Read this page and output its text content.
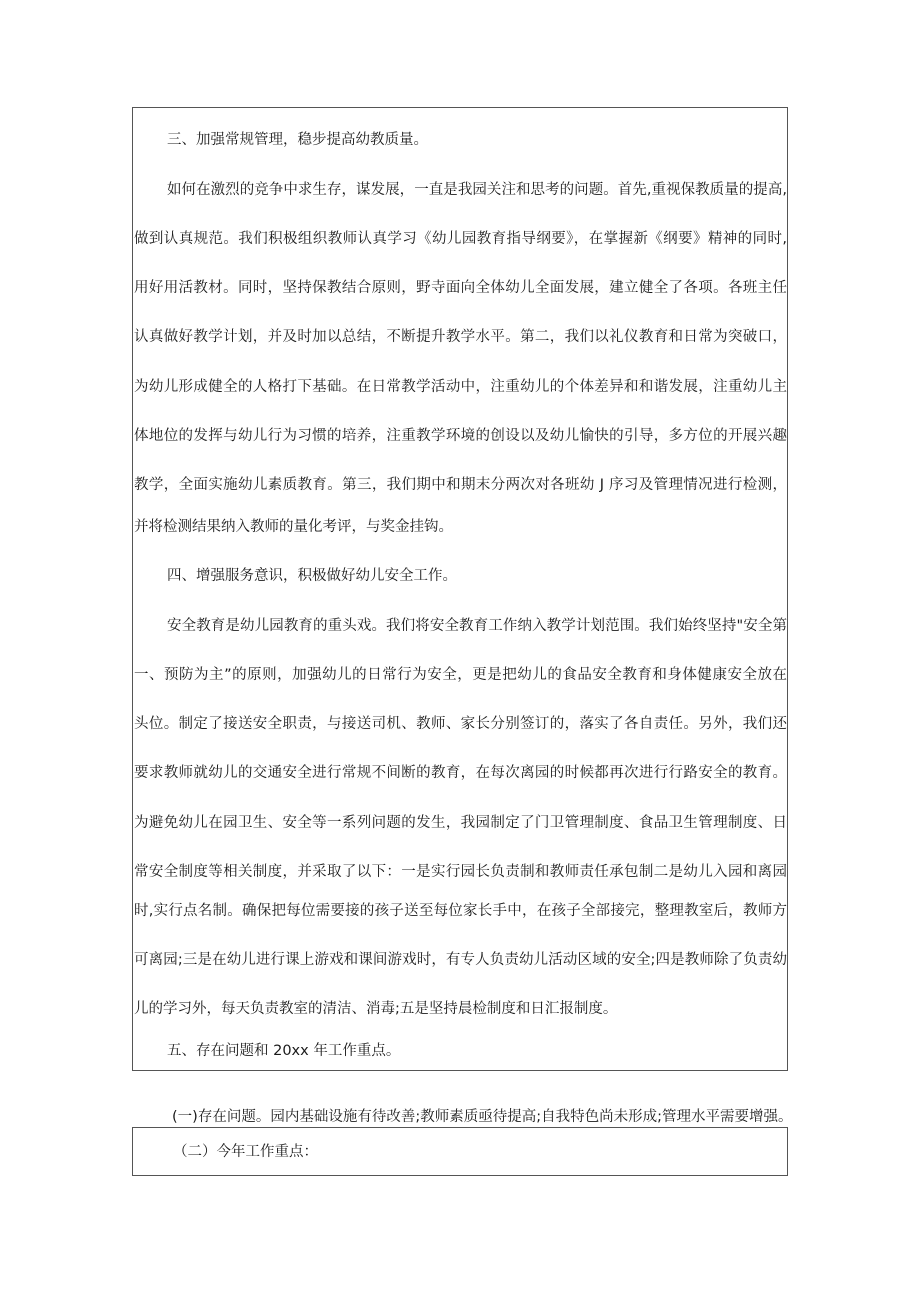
三、加强常规管理，稳步提高幼教质量。
如何在激烈的竞争中求生存，谋发展，一直是我园关注和思考的问题。首先,重视保教质量的提高,
做到认真规范。我们积极组织教师认真学习《幼儿园教育指导纲要》，在掌握新《纲要》精神的同时,
用好用活教材。同时，坚持保教结合原则，野寺面向全体幼儿全面发展，建立健全了各项。各班主任
认真做好教学计划，并及时加以总结，不断提升教学水平。第二，我们以礼仪教育和日常为突破口，
为幼儿形成健全的人格打下基础。在日常教学活动中，注重幼儿的个体差异和和谐发展，注重幼儿主
体地位的发挥与幼儿行为习惯的培养，注重教学环境的创设以及幼儿愉快的引导，多方位的开展兴趣
教学，全面实施幼儿素质教育。第三，我们期中和期末分两次对各班幼 J 序习及管理情况进行检测，
并将检测结果纳入教师的量化考评，与奖金挂钩。
四、增强服务意识，积极做好幼儿安全工作。
安全教育是幼儿园教育的重头戏。我们将安全教育工作纳入教学计划范围。我们始终坚持"安全第
一、预防为主”的原则，加强幼儿的日常行为安全，更是把幼儿的食品安全教育和身体健康安全放在
头位。制定了接送安全职责，与接送司机、教师、家长分别签订的，落实了各自责任。另外，我们还
要求教师就幼儿的交通安全进行常规不间断的教育，在每次离园的时候都再次进行行路安全的教育。
为避免幼儿在园卫生、安全等一系列问题的发生，我园制定了门卫管理制度、食品卫生管理制度、日
常安全制度等相关制度，并采取了以下：一是实行园长负责制和教师责任承包制二是幼儿入园和离园
时,实行点名制。确保把每位需要接的孩子送至每位家长手中，在孩子全部接完，整理教室后，教师方
可离园;三是在幼儿进行课上游戏和课间游戏时，有专人负责幼儿活动区域的安全;四是教师除了负责幼
儿的学习外，每天负责教室的清洁、消毒;五是坚持晨检制度和日汇报制度。
五、存在问题和 20xx 年工作重点。
(一)存在问题。园内基础设施有待改善;教师素质亟待提高;自我特色尚未形成;管理水平需要增强。
（二）今年工作重点：
